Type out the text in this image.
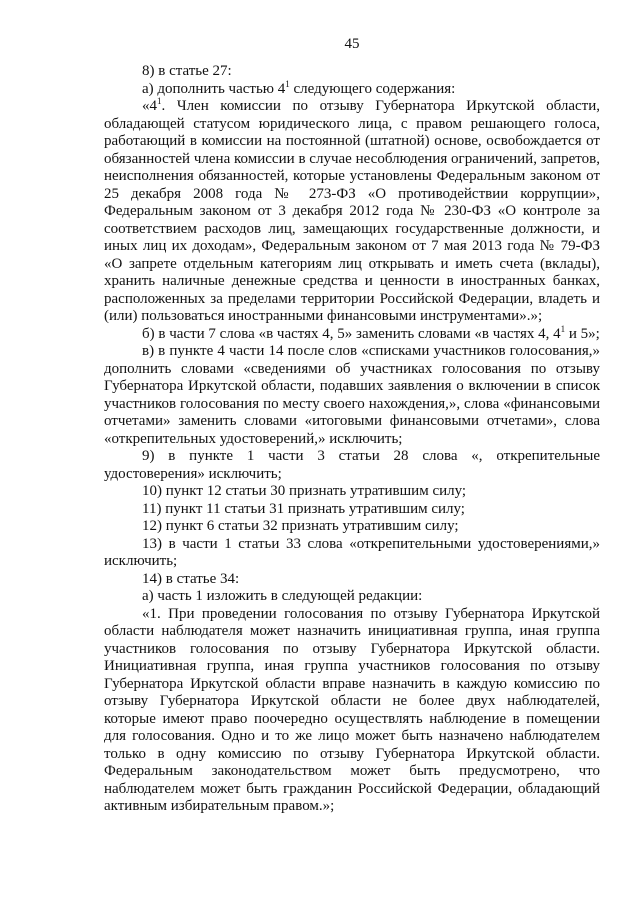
45

8) в статье 27:

а) дополнить частью $4^1$ следующего содержания:

«$4^1$. Член комиссии по отзыву Губернатора Иркутской области, обладающей статусом юридического лица, с правом решающего голоса, работающий в комиссии на постоянной (штатной) основе, освобождается от обязанностей члена комиссии в случае несоблюдения ограничений, запретов, неисполнения обязанностей, которые установлены Федеральным законом от 25 декабря 2008 года № 273-ФЗ «О противодействии коррупции», Федеральным законом от 3 декабря 2012 года № 230-ФЗ «О контроле за соответствием расходов лиц, замещающих государственные должности, и иных лиц их доходам», Федеральным законом от 7 мая 2013 года № 79-ФЗ «О запрете отдельным категориям лиц открывать и иметь счета (вклады), хранить наличные денежные средства и ценности в иностранных банках, расположенных за пределами территории Российской Федерации, владеть и (или) пользоваться иностранными финансовыми инструментами».»;

б) в части 7 слова «в частях 4, 5» заменить словами «в частях 4, $4^1$ и 5»;

в) в пункте 4 части 14 после слов «списками участников голосования,» дополнить словами «сведениями об участниках голосования по отзыву Губернатора Иркутской области, подавших заявления о включении в список участников голосования по месту своего нахождения,», слова «финансовыми отчетами» заменить словами «итоговыми финансовыми отчетами», слова «открепительных удостоверений,» исключить;

9) в пункте 1 части 3 статьи 28 слова «, открепительные удостоверения» исключить;

10) пункт 12 статьи 30 признать утратившим силу;

11) пункт 11 статьи 31 признать утратившим силу;

12) пункт 6 статьи 32 признать утратившим силу;

13) в части 1 статьи 33 слова «открепительными удостоверениями,» исключить;

14) в статье 34:

а) часть 1 изложить в следующей редакции:

«1. При проведении голосования по отзыву Губернатора Иркутской области наблюдателя может назначить инициативная группа, иная группа участников голосования по отзыву Губернатора Иркутской области. Инициативная группа, иная группа участников голосования по отзыву Губернатора Иркутской области вправе назначить в каждую комиссию по отзыву Губернатора Иркутской области не более двух наблюдателей, которые имеют право поочередно осуществлять наблюдение в помещении для голосования. Одно и то же лицо может быть назначено наблюдателем только в одну комиссию по отзыву Губернатора Иркутской области. Федеральным законодательством может быть предусмотрено, что наблюдателем может быть гражданин Российской Федерации, обладающий активным избирательным правом.»;
